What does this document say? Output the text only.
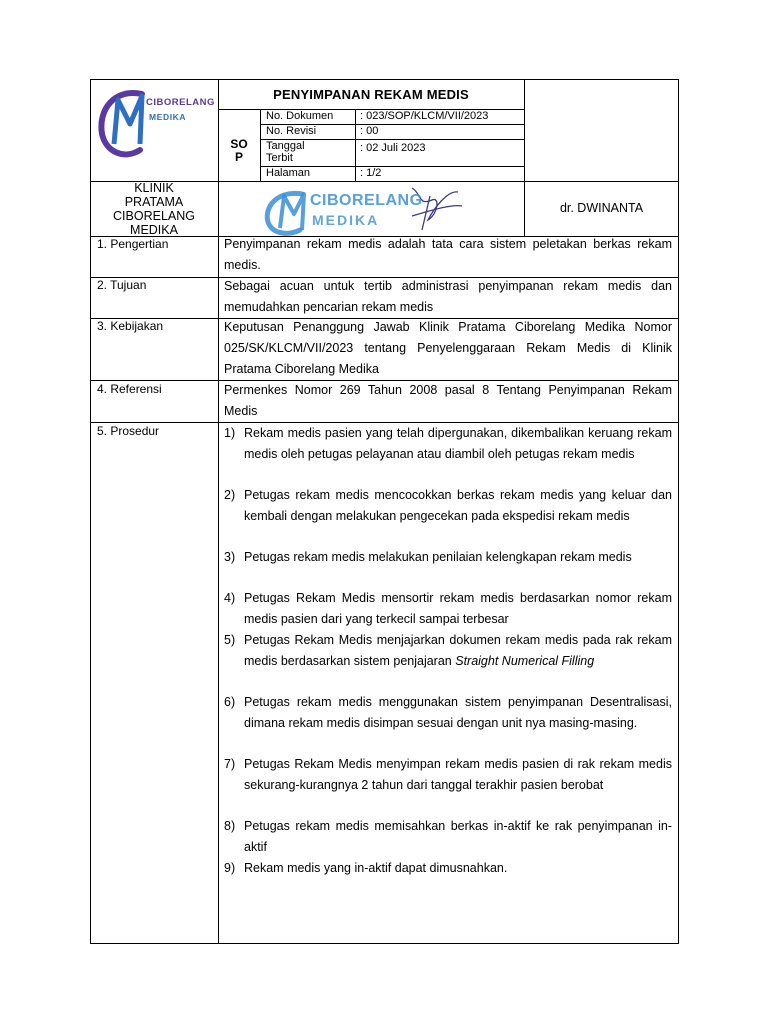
CIBORELANG
MEDIKA
PENYIMPANAN REKAM MEDIS
SO
P
No. Dokumen : 023/SOP/KLCM/VII/2023
No. Revisi	: 00
Tanggal
Terbit
: 02 Juli 2023
Halaman	: 1/2
KLINIK
PRATAMA
CIBORELANG
MEDIKA
CIBORELANG
MEDIKA
dr. DWINANTA
1. Pengertian
2. Tujuan
3. Kebijakan
4. Referensi
5. Prosedur
Penyimpanan rekam medis adalah tata cara sistem peletakan berkas rekam medis.
Sebagai acuan untuk tertib administrasi penyimpanan rekam medis dan memudahkan pencarian rekam medis
Keputusan Penanggung Jawab Klinik Pratama Ciborelang Medika Nomor 025/SK/KLCM/VII/2023 tentang Penyelenggaraan Rekam Medis di Klinik Pratama Ciborelang Medika
Permenkes Nomor 269 Tahun 2008 pasal 8 Tentang Penyimpanan Rekam Medis
1) Rekam medis pasien yang telah dipergunakan, dikembalikan keruang rekam medis oleh petugas pelayanan atau diambil oleh petugas rekam medis
2) Petugas rekam medis mencocokkan berkas rekam medis yang keluar dan kembali dengan melakukan pengecekan pada ekspedisi rekam medis
3) Petugas rekam medis melakukan penilaian kelengkapan rekam medis
4) Petugas Rekam Medis mensortir rekam medis berdasarkan nomor rekam medis pasien dari yang terkecil sampai terbesar
5) Petugas Rekam Medis menjajarkan dokumen rekam medis pada rak rekam medis berdasarkan sistem penjajaran Straight Numerical Filling
6) Petugas rekam medis menggunakan sistem penyimpanan Desentralisasi, dimana rekam medis disimpan sesuai dengan unit nya masing-masing.
7) Petugas Rekam Medis menyimpan rekam medis pasien di rak rekam medis sekurang-kurangnya 2 tahun dari tanggal terakhir pasien berobat
8) Petugas rekam medis memisahkan berkas in-aktif ke rak penyimpanan in-aktif
9) Rekam medis yang in-aktif dapat dimusnahkan.
